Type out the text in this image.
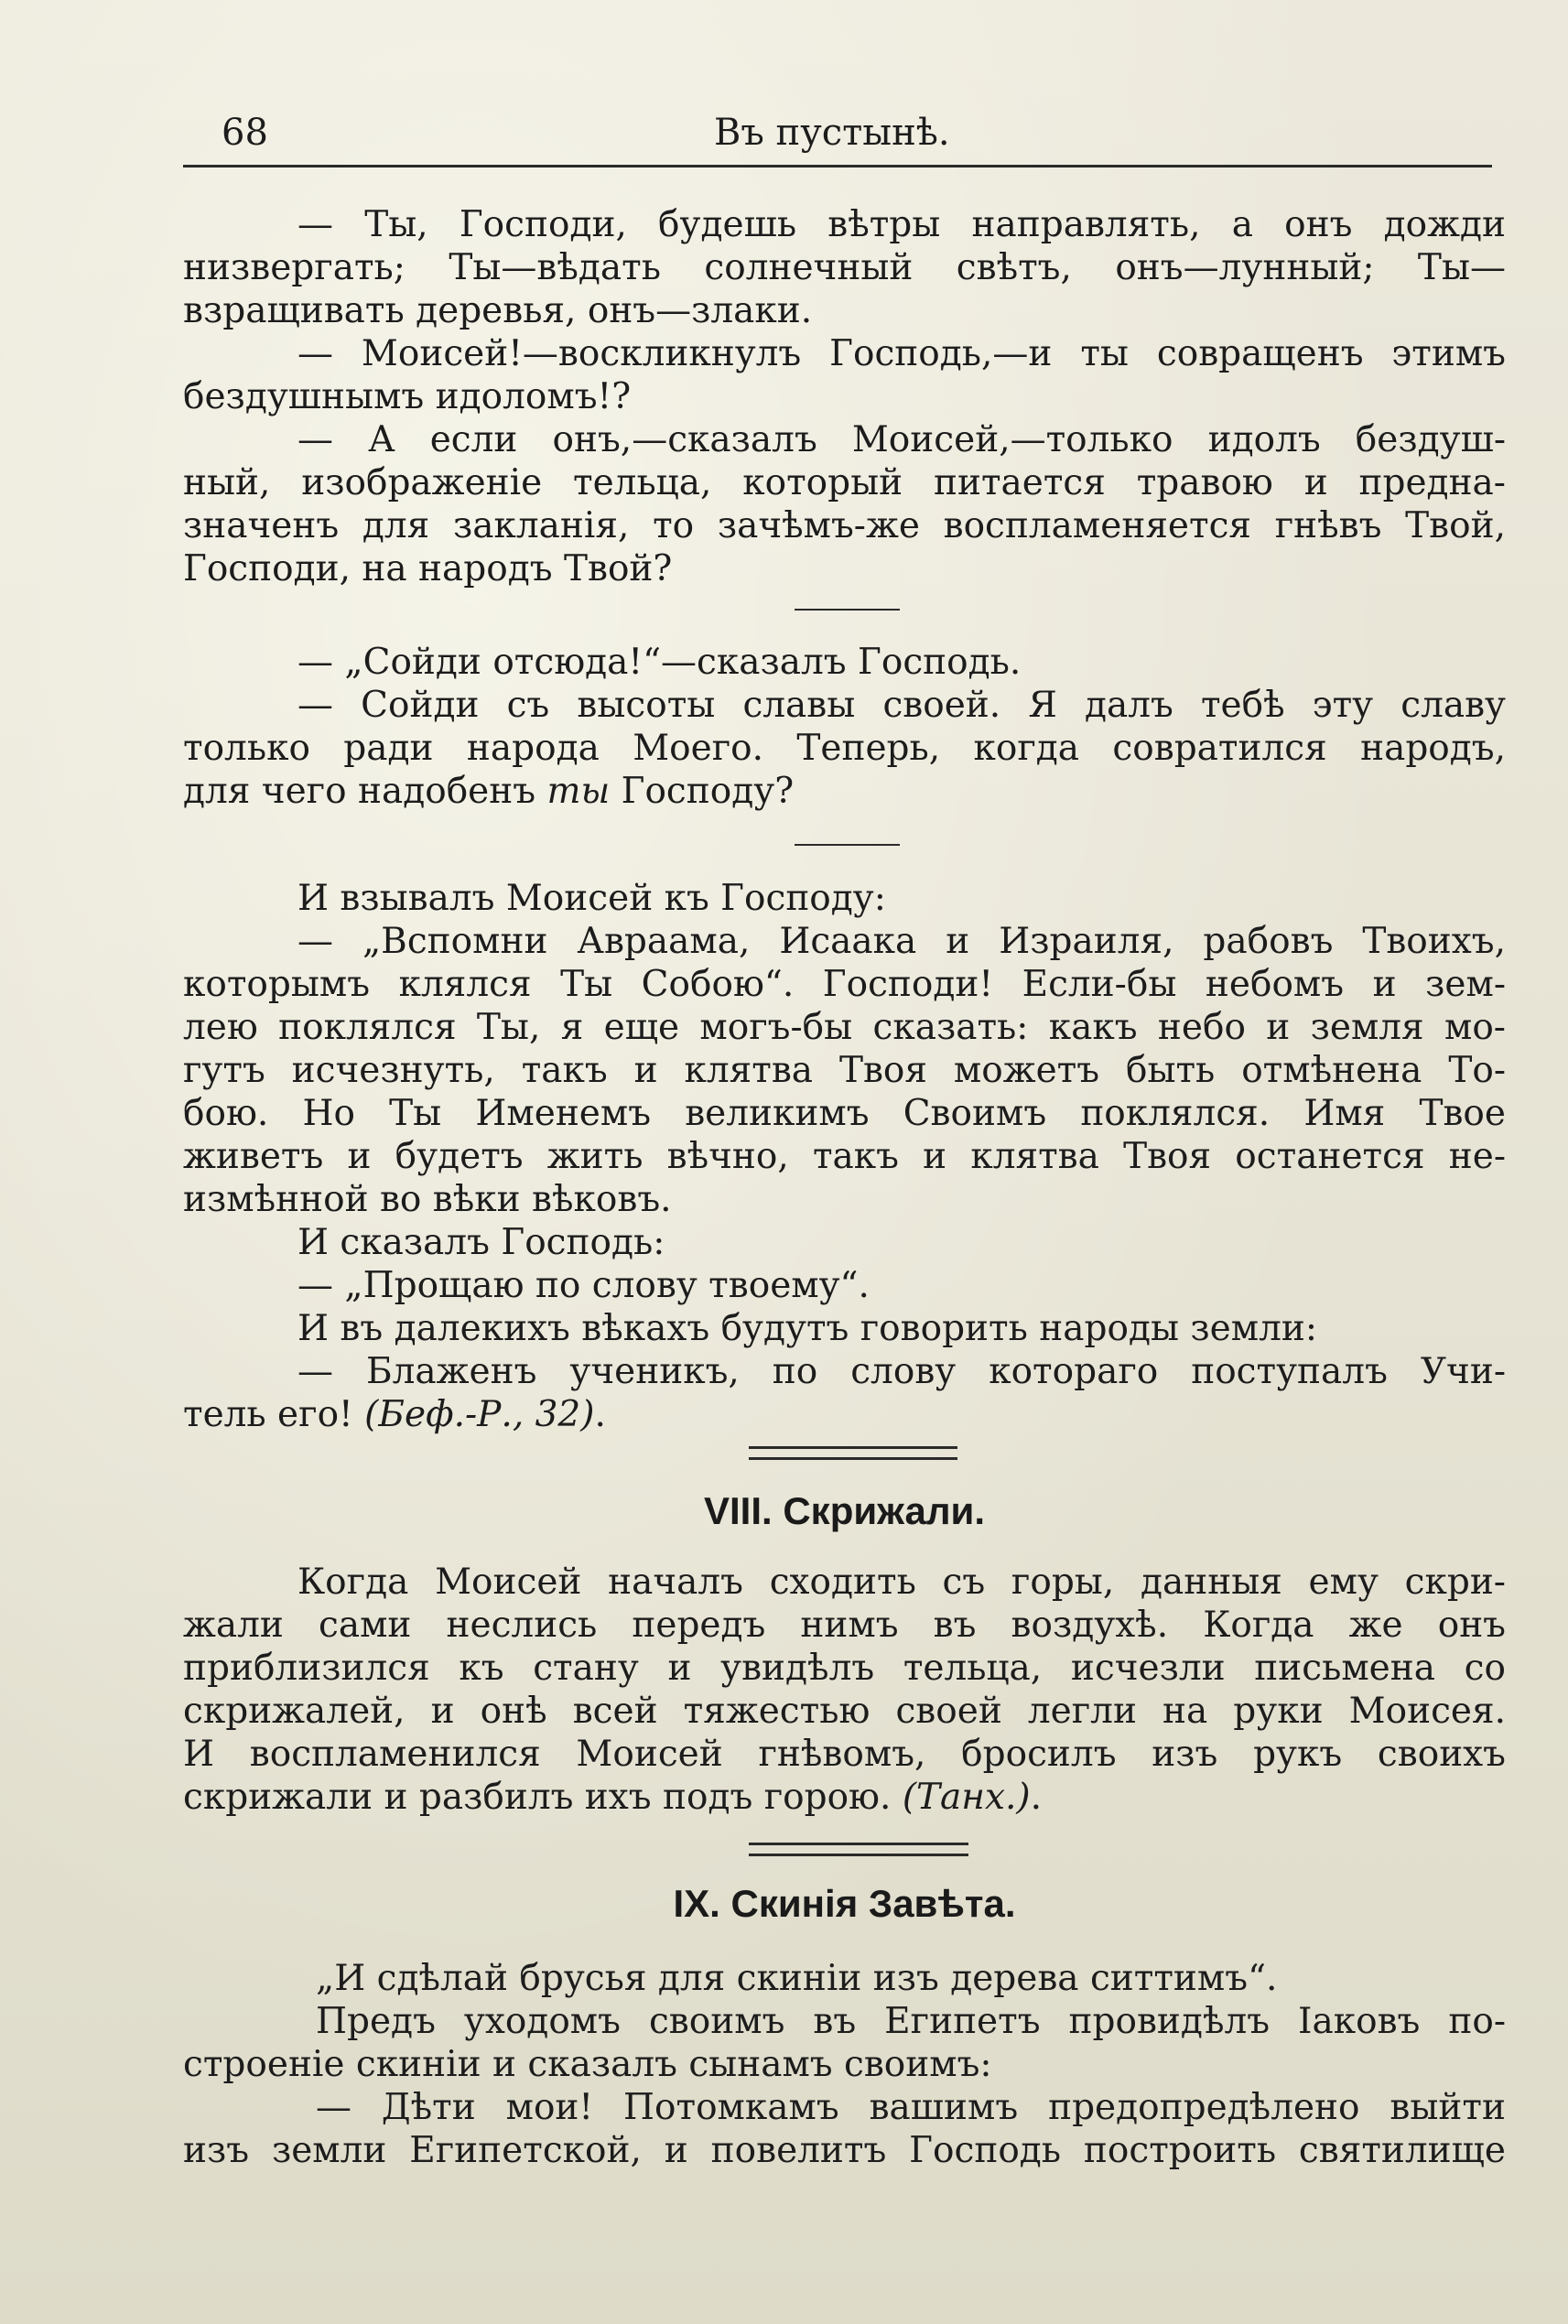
68	Въ пустынѣ.
— Ты, Господи, будешь вѣтры направлять, а онъ дожди
низвергать; Ты—вѣдать солнечный свѣтъ, онъ—лунный; Ты—
взращивать деревья, онъ—злаки.
— Моисей!—воскликнулъ Господь,—и ты совращенъ этимъ
бездушнымъ идоломъ!?
— А если онъ,—сказалъ Моисей,—только идолъ бездуш-
ный, изображеніе тельца, который питается травою и предна-
значенъ для закланія, то зачѣмъ-же воспламеняется гнѣвъ Твой,
Господи, на народъ Твой?
— „Сойди отсюда!“—сказалъ Господь.
— Сойди съ высоты славы своей. Я далъ тебѣ эту славу
только ради народа Моего. Теперь, когда совратился народъ,
для чего надобенъ ты Господу?
И взывалъ Моисей къ Господу:
— „Вспомни Авраама, Исаака и Израиля, рабовъ Твоихъ,
которымъ клялся Ты Собою“. Господи! Если-бы небомъ и зем-
лею поклялся Ты, я еще могъ-бы сказать: какъ небо и земля мо-
гутъ исчезнуть, такъ и клятва Твоя можетъ быть отмѣнена То-
бою. Но Ты Именемъ великимъ Своимъ поклялся. Имя Твое
живетъ и будетъ жить вѣчно, такъ и клятва Твоя останется не-
измѣнной во вѣки вѣковъ.
И сказалъ Господь:
— „Прощаю по слову твоему“.
И въ далекихъ вѣкахъ будутъ говорить народы земли:
— Блаженъ ученикъ, по слову котораго поступалъ Учи-
тель его! (Беф.-Р., 32).
VIII. Скрижали.
Когда Моисей началъ сходить съ горы, данныя ему скри-
жали сами неслись передъ нимъ въ воздухѣ. Когда же онъ
приблизился къ стану и увидѣлъ тельца, исчезли письмена со
скрижалей, и онѣ всей тяжестью своей легли на руки Моисея.
И воспламенился Моисей гнѣвомъ, бросилъ изъ рукъ своихъ
скрижали и разбилъ ихъ подъ горою. (Танх.).
IX. Скинія Завѣта.
„И сдѣлай брусья для скиніи изъ дерева ситтимъ“.
Предъ уходомъ своимъ въ Египетъ провидѣлъ Іаковъ по-
строеніе скиніи и сказалъ сынамъ своимъ:
— Дѣти мои! Потомкамъ вашимъ предопредѣлено выйти
изъ земли Египетской, и повелитъ Господь построить святилище
